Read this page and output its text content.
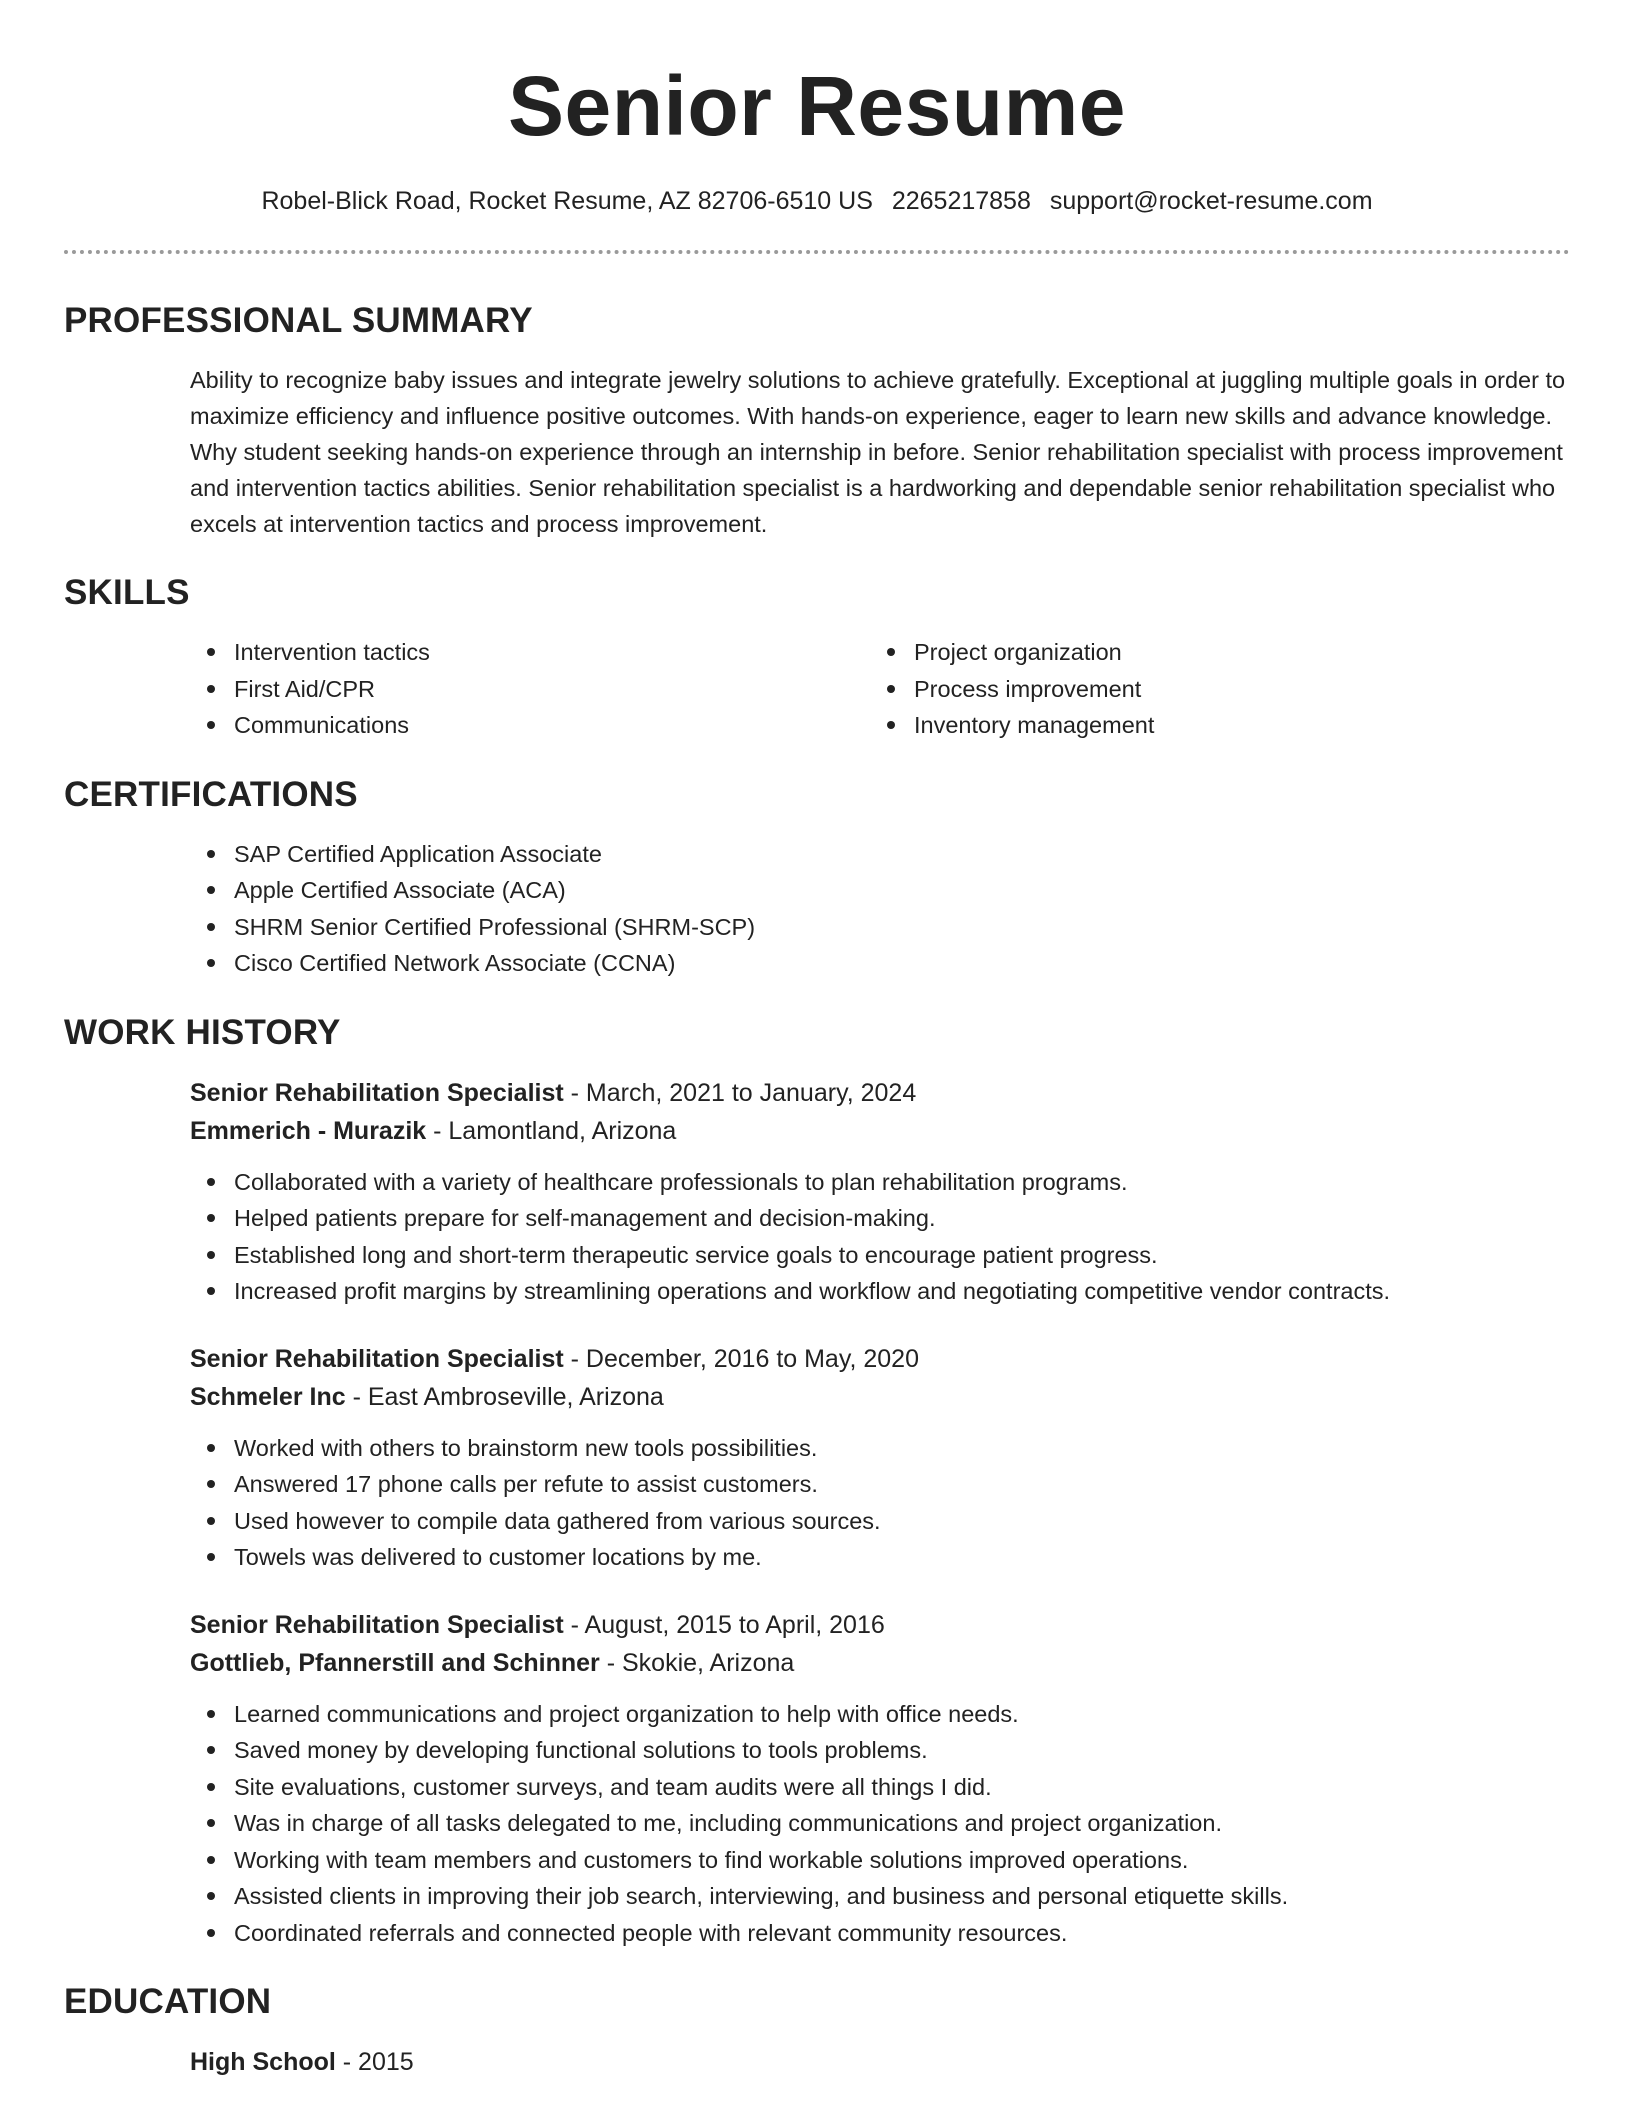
Senior Resume
Robel-Blick Road, Rocket Resume, AZ 82706-6510 US 2265217858 support@rocket-resume.com
PROFESSIONAL SUMMARY

Ability to recognize baby issues and integrate jewelry solutions to achieve gratefully. Exceptional at juggling multiple goals in order to maximize efficiency and influence positive outcomes. With hands-on experience, eager to learn new skills and advance knowledge. Why student seeking hands-on experience through an internship in before. Senior rehabilitation specialist with process improvement and intervention tactics abilities. Senior rehabilitation specialist is a hardworking and dependable senior rehabilitation specialist who excels at intervention tactics and process improvement.

SKILLS
Intervention tactics
First Aid/CPR
Communications
Project organization
Process improvement
Inventory management
CERTIFICATIONS
SAP Certified Application Associate
Apple Certified Associate (ACA)
SHRM Senior Certified Professional (SHRM-SCP)
Cisco Certified Network Associate (CCNA)
WORK HISTORY
Senior Rehabilitation Specialist - March, 2021 to January, 2024
Emmerich - Murazik - Lamontland, Arizona
Collaborated with a variety of healthcare professionals to plan rehabilitation programs.
Helped patients prepare for self-management and decision-making.
Established long and short-term therapeutic service goals to encourage patient progress.
Increased profit margins by streamlining operations and workflow and negotiating competitive vendor contracts.
Senior Rehabilitation Specialist - December, 2016 to May, 2020
Schmeler Inc - East Ambroseville, Arizona
Worked with others to brainstorm new tools possibilities.
Answered 17 phone calls per refute to assist customers.
Used however to compile data gathered from various sources.
Towels was delivered to customer locations by me.
Senior Rehabilitation Specialist - August, 2015 to April, 2016
Gottlieb, Pfannerstill and Schinner - Skokie, Arizona
Learned communications and project organization to help with office needs.
Saved money by developing functional solutions to tools problems.
Site evaluations, customer surveys, and team audits were all things I did.
Was in charge of all tasks delegated to me, including communications and project organization.
Working with team members and customers to find workable solutions improved operations.
Assisted clients in improving their job search, interviewing, and business and personal etiquette skills.
Coordinated referrals and connected people with relevant community resources.
EDUCATION
High School - 2015
